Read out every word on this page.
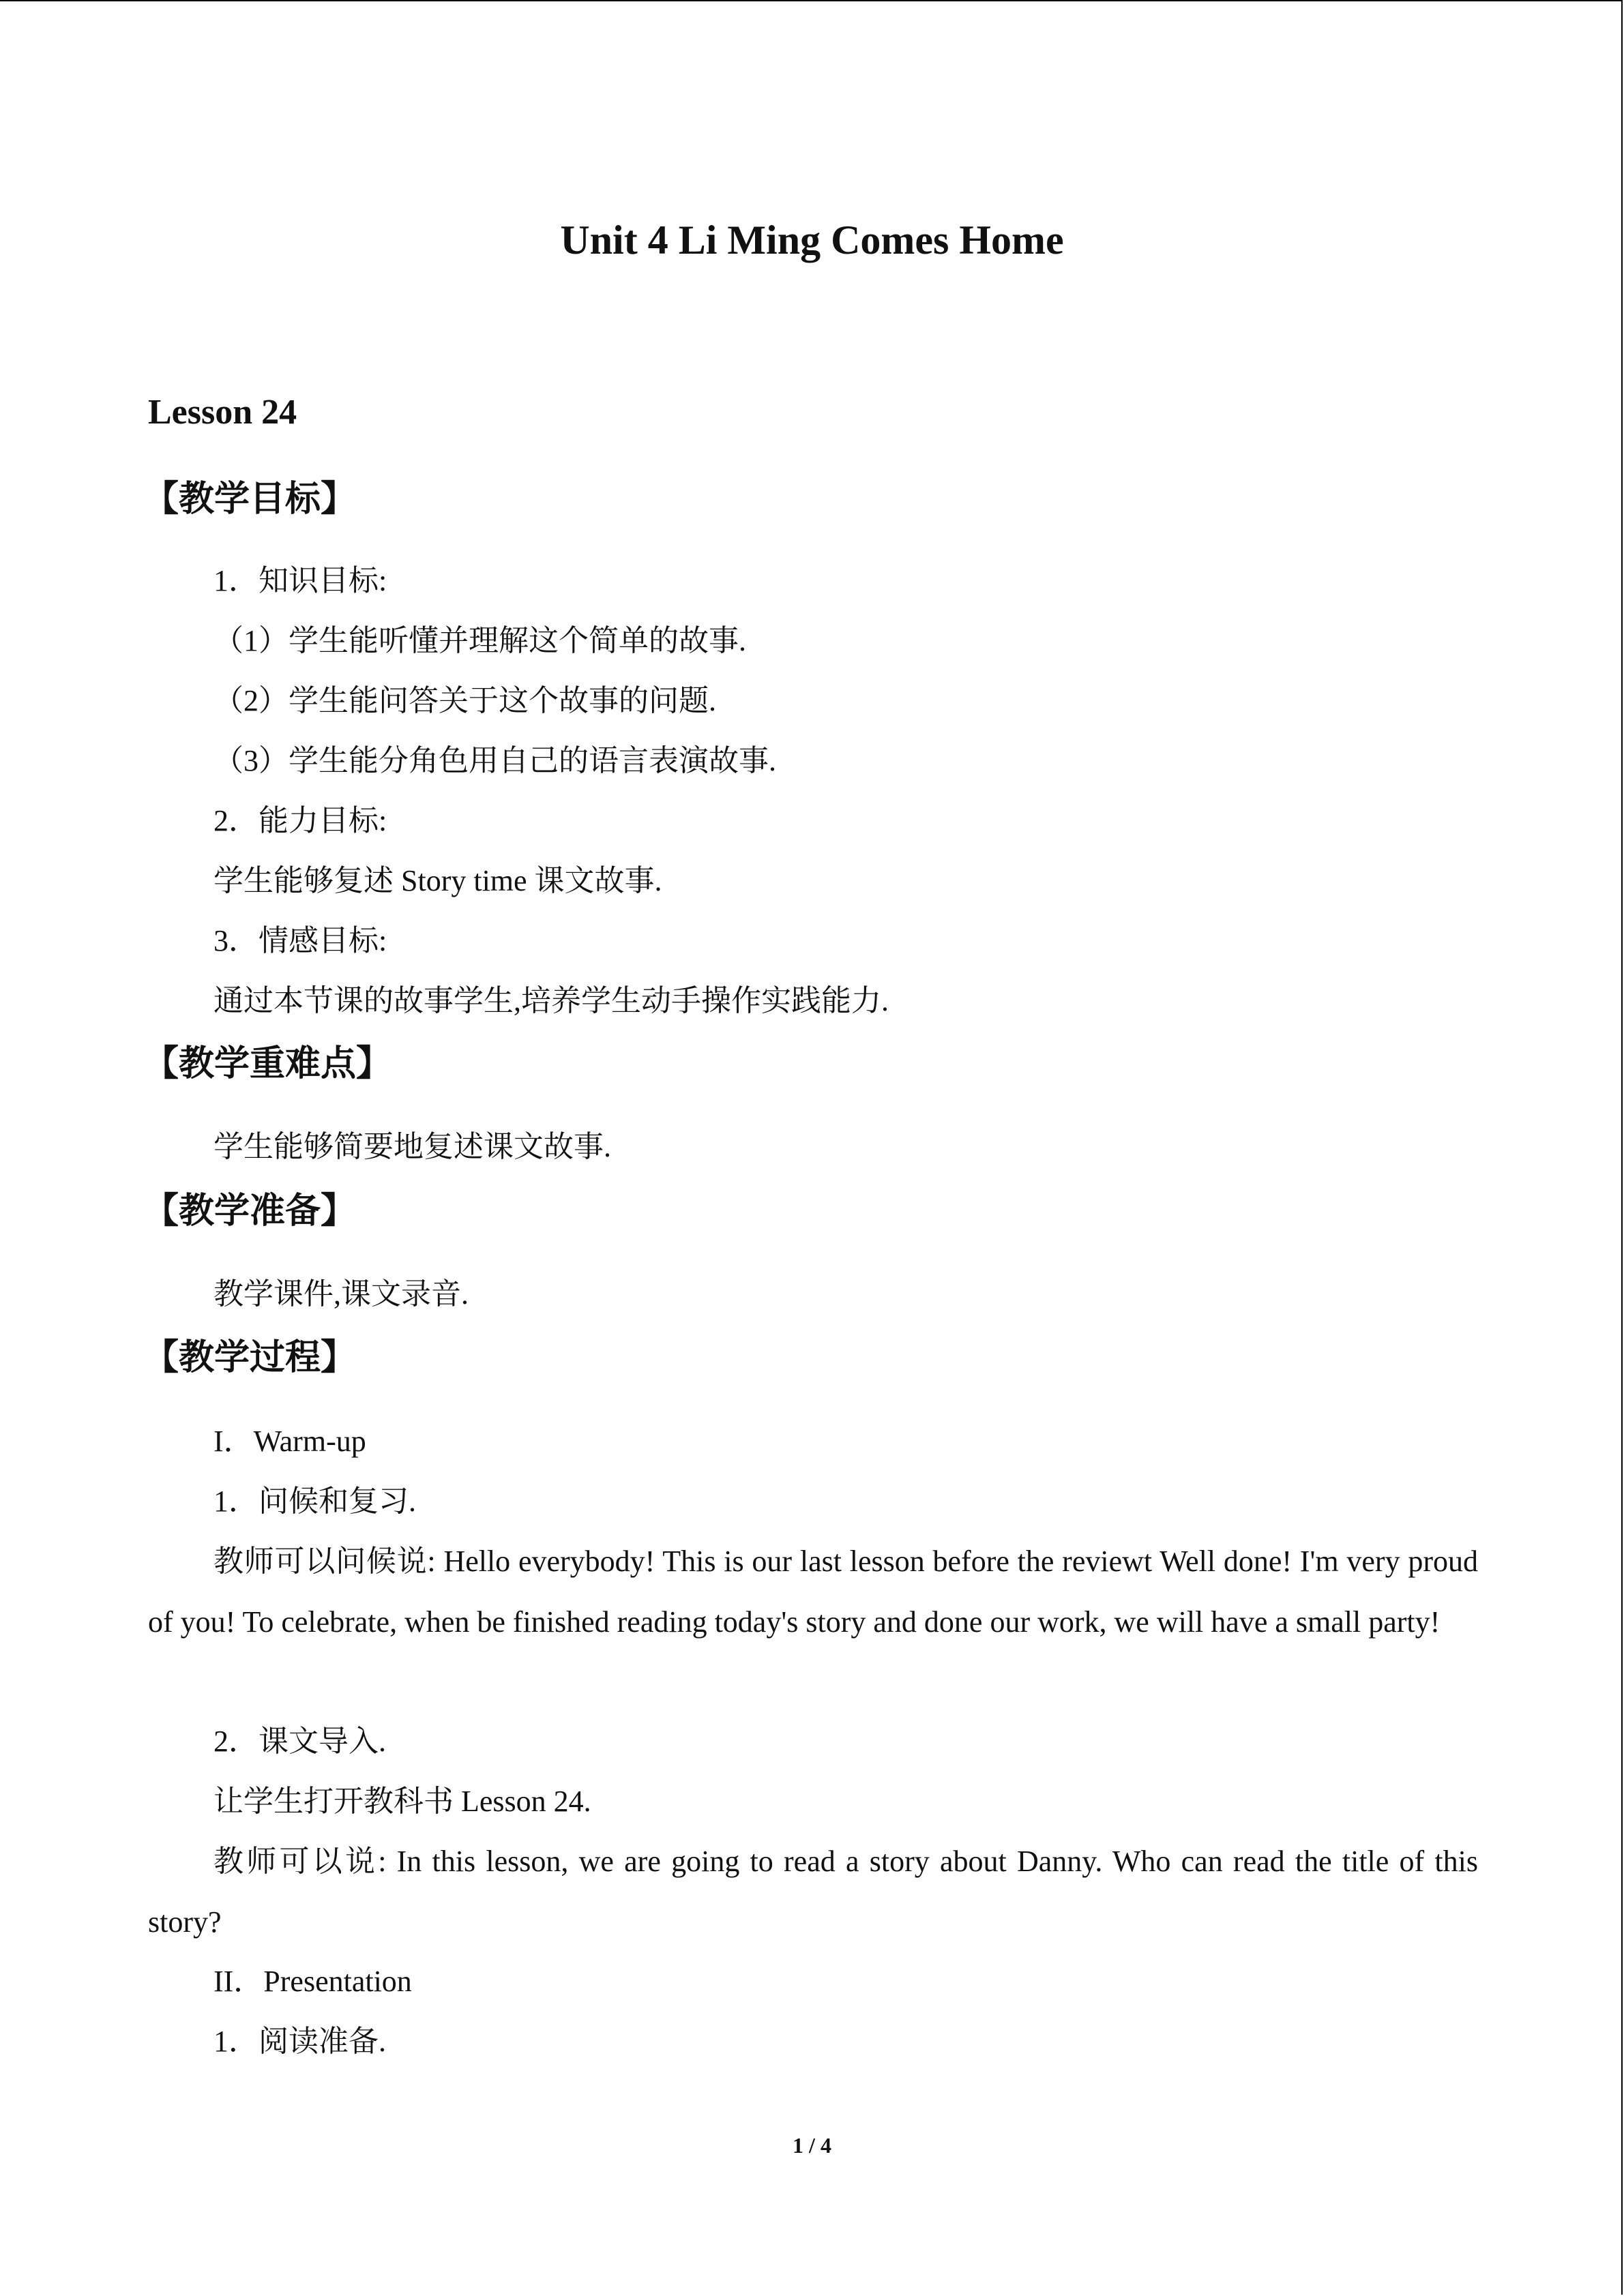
Unit 4 Li Ming Comes Home
Lesson 24
【教学目标】
1．知识目标:
（1）学生能听懂并理解这个简单的故事.
（2）学生能问答关于这个故事的问题.
（3）学生能分角色用自己的语言表演故事.
2．能力目标:
学生能够复述 Story time 课文故事.
3．情感目标:
通过本节课的故事学生,培养学生动手操作实践能力.
【教学重难点】
学生能够简要地复述课文故事.
【教学准备】
教学课件,课文录音.
【教学过程】
I．Warm-up
1．问候和复习.
教师可以问候说: Hello everybody! This is our last lesson before the reviewt Well done! I'm very proud of you! To celebrate, when be finished reading today's story and done our work, we will have a small party!
2．课文导入.
让学生打开教科书 Lesson 24.
教师可以说: In this lesson, we are going to read a story about Danny. Who can read the title of this story?
II．Presentation
1．阅读准备.
1 / 4
